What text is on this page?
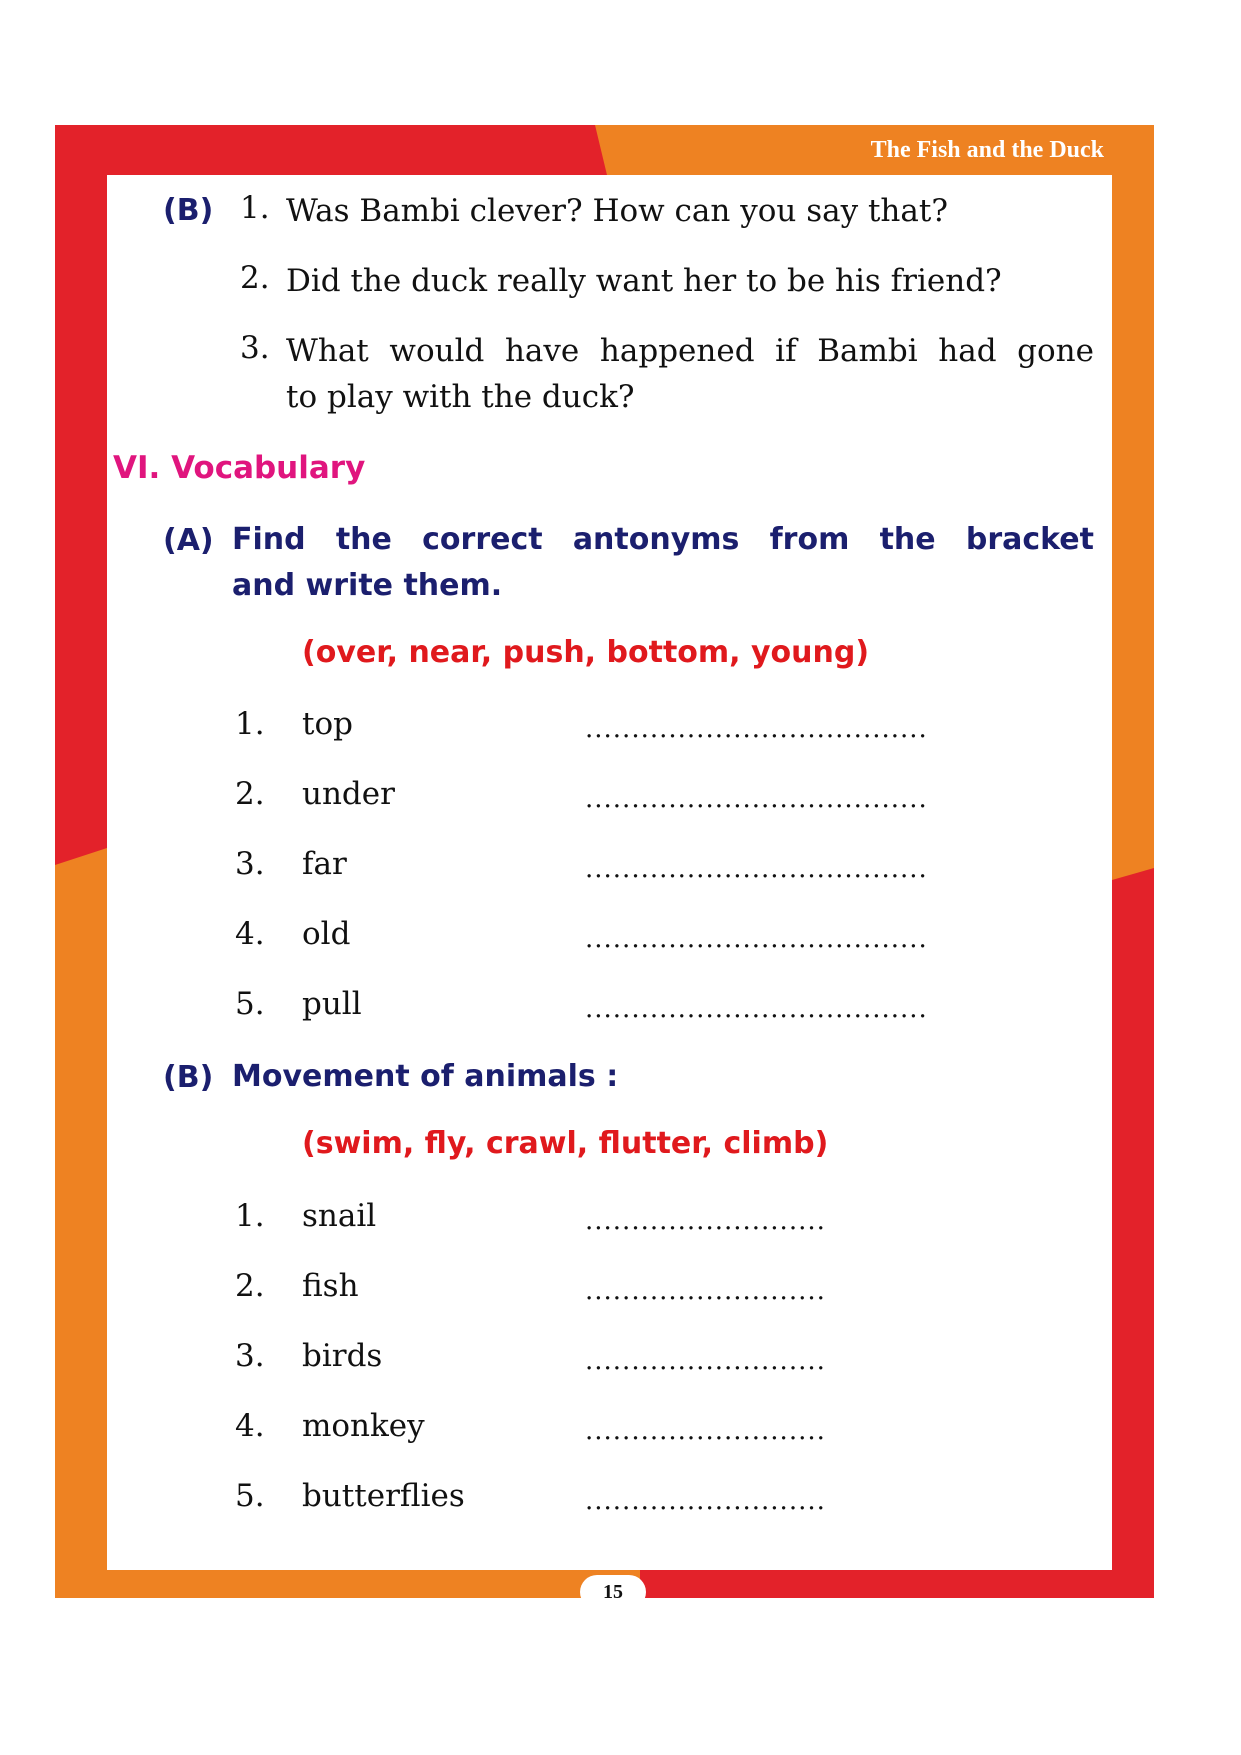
The Fish and the Duck

(B) 1. Was Bambi clever? How can you say that?
2. Did the duck really want her to be his friend?
3. What would have happened if Bambi had gone
to play with the duck?
VI. Vocabulary
(A) Find the correct antonyms from the bracket
and write them.
(over, near, push, bottom, young)
1. top	.....................................
2. under	.....................................
3. far	.....................................
4. old	.....................................
5. pull	.....................................
(B) Movement of animals :
(swim, fly, crawl, flutter, climb)
1. snail	..........................
2. fish	..........................
3. birds	..........................
4. monkey	..........................
5. butterflies	..........................
15
